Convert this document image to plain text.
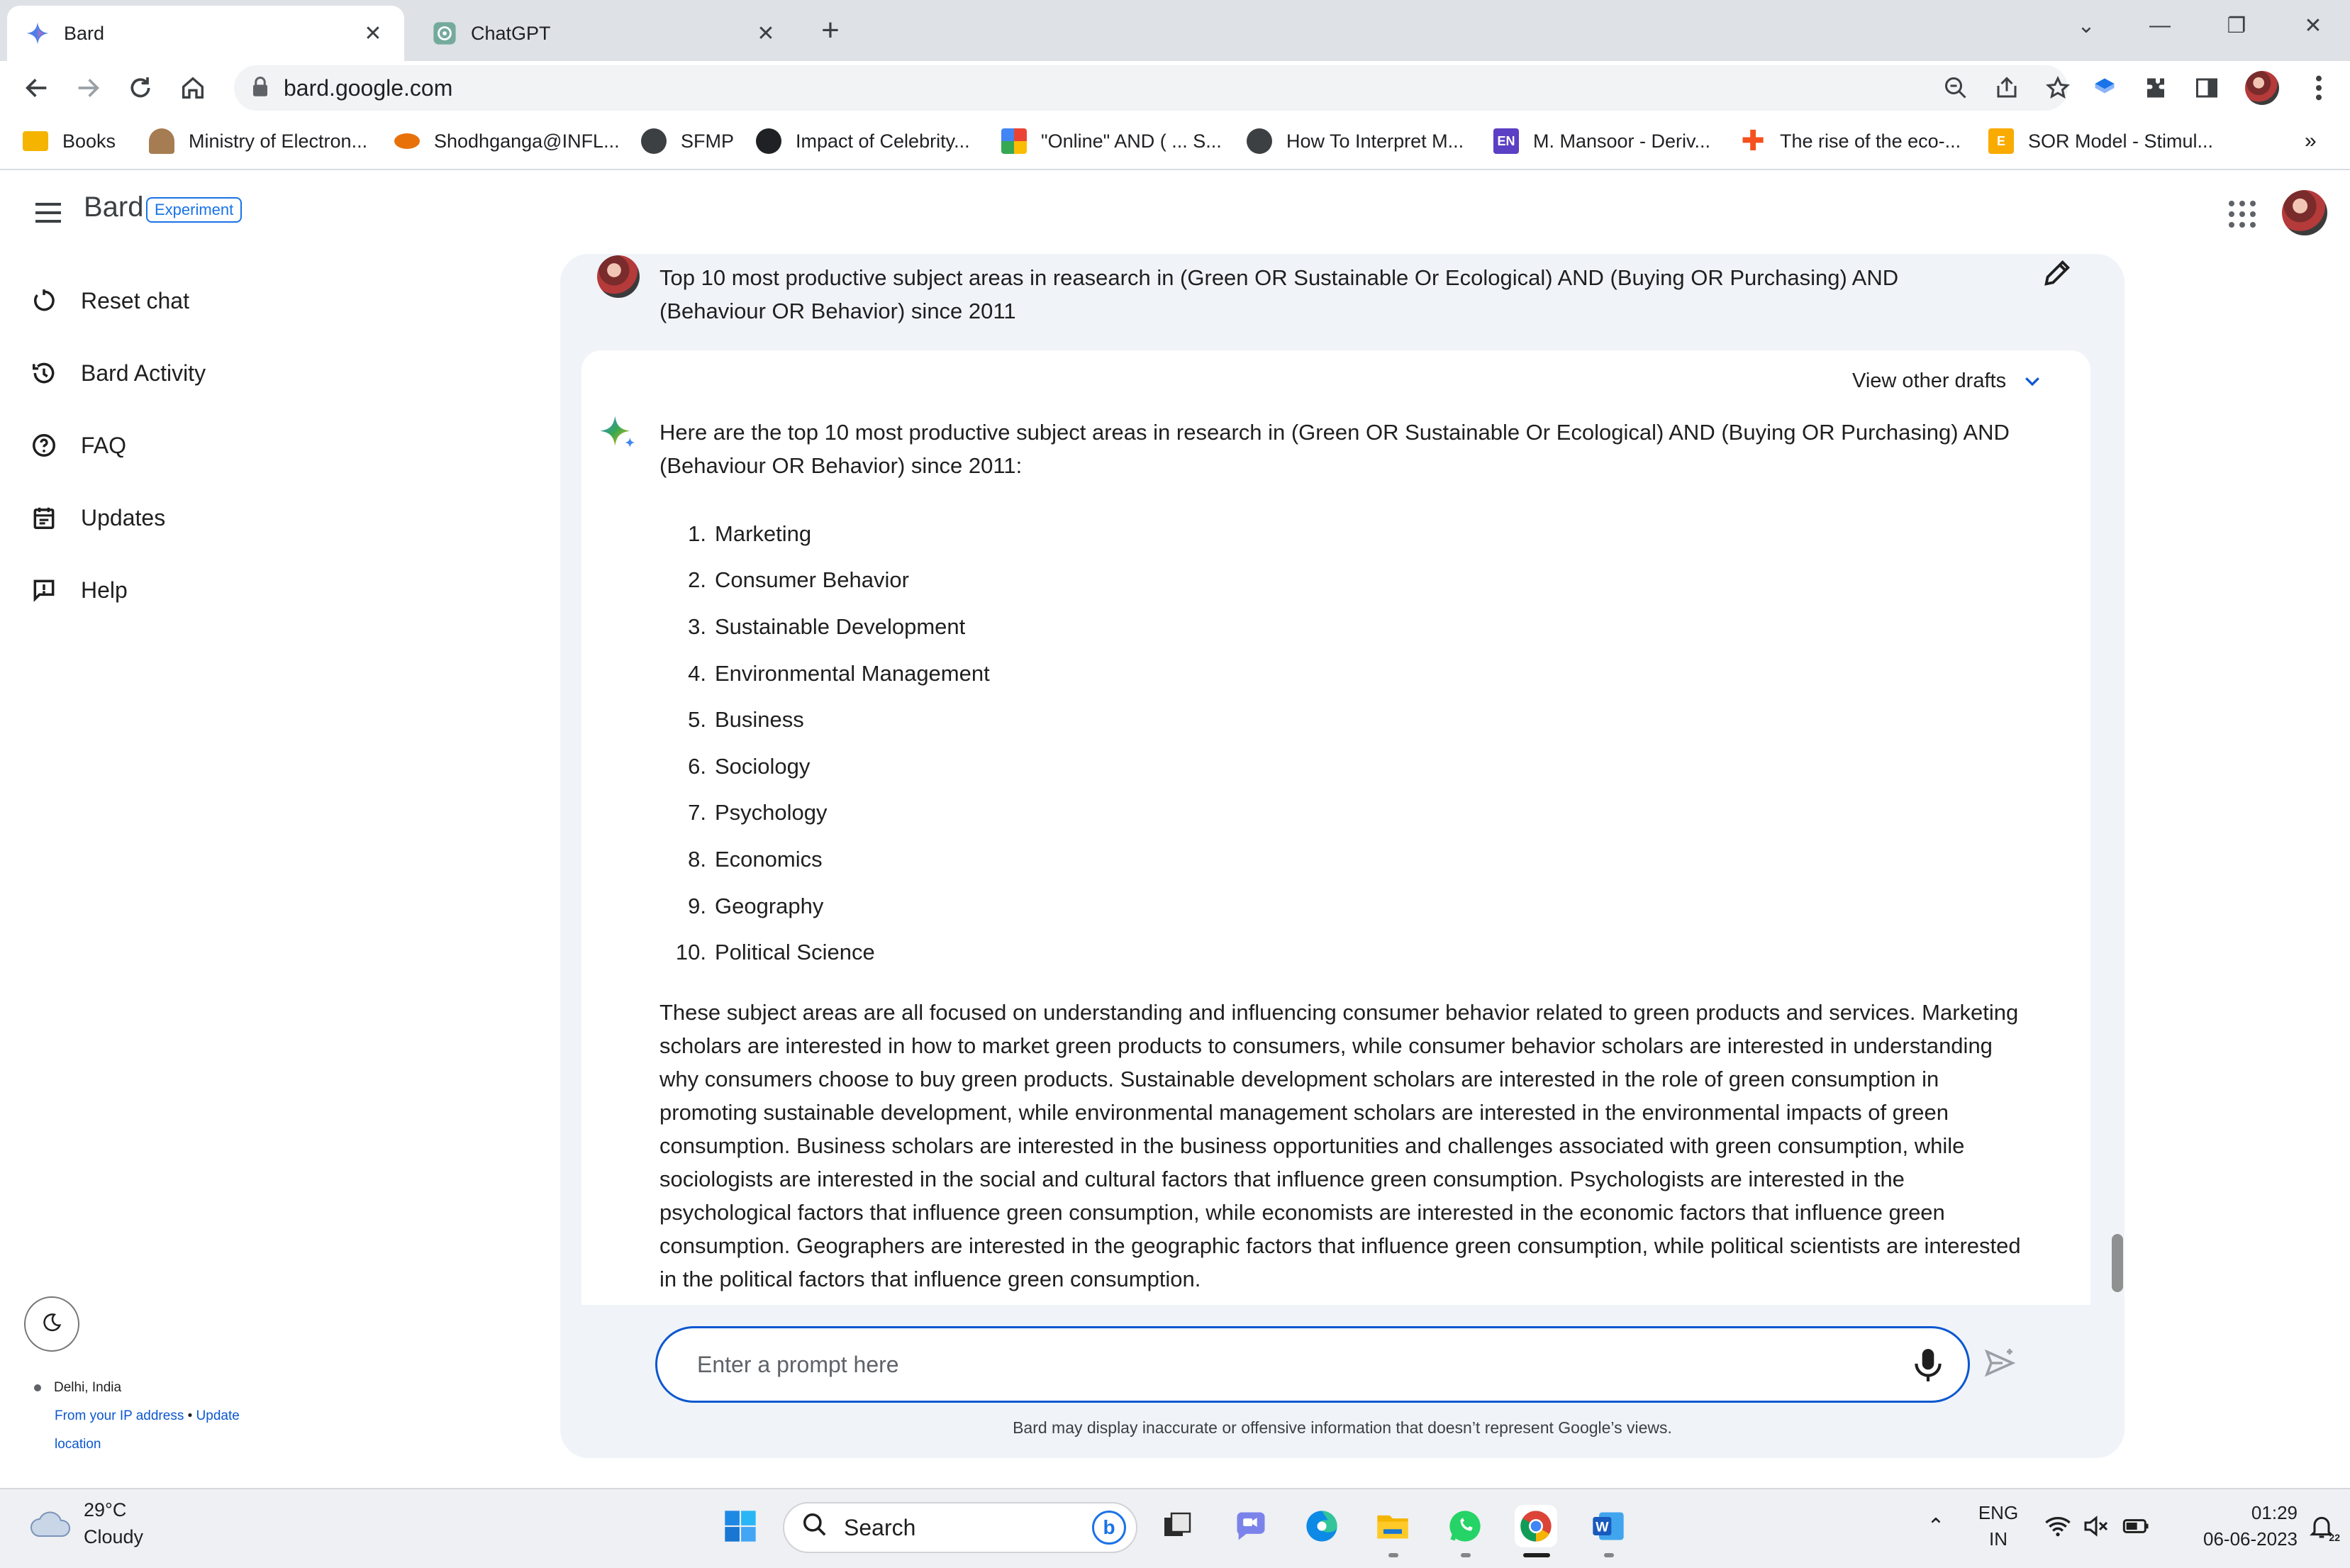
Bard	✕	ChatGPT	✕	+	⌄	—	❐	✕
bard.google.com
Books	Ministry of Electron...	Shodhganga@INFL...	SFMP	Impact of Celebrity...	"Online" AND ( ... S...	How To Interpret M...	EN M. Mansoor - Deriv... ✚ The rise of the eco-...	E	SOR Model - Stimul...	»
Bard Experiment
Reset chat
Bard Activity
FAQ
Updates
Help
Delhi, India
From your IP address • Update
location
Top 10 most productive subject areas in reasearch in (Green OR Sustainable Or Ecological) AND (Buying OR Purchasing) AND (Behaviour OR Behavior) since 2011
View other drafts
Here are the top 10 most productive subject areas in research in (Green OR Sustainable Or Ecological) AND (Buying OR Purchasing) AND (Behaviour OR Behavior) since 2011:
1. Marketing
2. Consumer Behavior
3. Sustainable Development
4. Environmental Management
5. Business
6. Sociology
7. Psychology
8. Economics
9. Geography
10. Political Science
These subject areas are all focused on understanding and influencing consumer behavior related to green products and services. Marketing scholars are interested in how to market green products to consumers, while consumer behavior scholars are interested in understanding why consumers choose to buy green products. Sustainable development scholars are interested in the role of green consumption in promoting sustainable development, while environmental management scholars are interested in the environmental impacts of green consumption. Business scholars are interested in the business opportunities and challenges associated with green consumption, while sociologists are interested in the social and cultural factors that influence green consumption. Psychologists are interested in the psychological factors that influence green consumption, while economists are interested in the economic factors that influence green consumption. Geographers are interested in the geographic factors that influence green consumption, while political scientists are interested in the political factors that influence green consumption.
Enter a prompt here
Bard may display inaccurate or offensive information that doesn’t represent Google’s views.
29°C
Cloudy	Search	b	W	⌃
ENG
IN
01:29
06-06-2023	22
